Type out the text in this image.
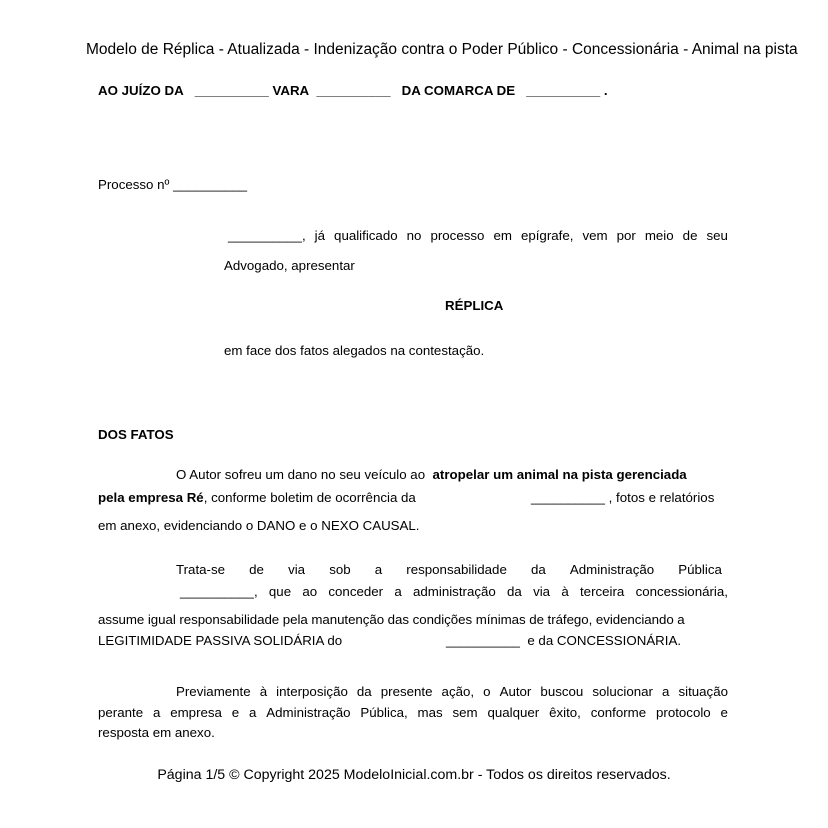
Modelo de Réplica - Atualizada - Indenização contra o Poder Público - Concessionária - Animal na pista
AO JUÍZO DA __________ VARA __________ DA COMARCA DE __________ .
Processo nº __________
__________, já qualificado no processo em epígrafe, vem por meio de seu
Advogado, apresentar
RÉPLICA
em face dos fatos alegados na contestação.
DOS FATOS
O Autor sofreu um dano no seu veículo ao atropelar um animal na pista gerenciada
pela empresa Ré, conforme boletim de ocorrência da	__________ , fotos e relatórios
em anexo, evidenciando o DANO e o NEXO CAUSAL.
Trata-se de via sob a responsabilidade da Administração Pública
__________, que ao conceder a administração da via à terceira concessionária,
assume igual responsabilidade pela manutenção das condições mínimas de tráfego, evidenciando a
LEGITIMIDADE PASSIVA SOLIDÁRIA do	__________ e da CONCESSIONÁRIA.
Previamente à interposição da presente ação, o Autor buscou solucionar a situação
perante a empresa e a Administração Pública, mas sem qualquer êxito, conforme protocolo e
resposta em anexo.
Página 1/5 © Copyright 2025 ModeloInicial.com.br - Todos os direitos reservados.
